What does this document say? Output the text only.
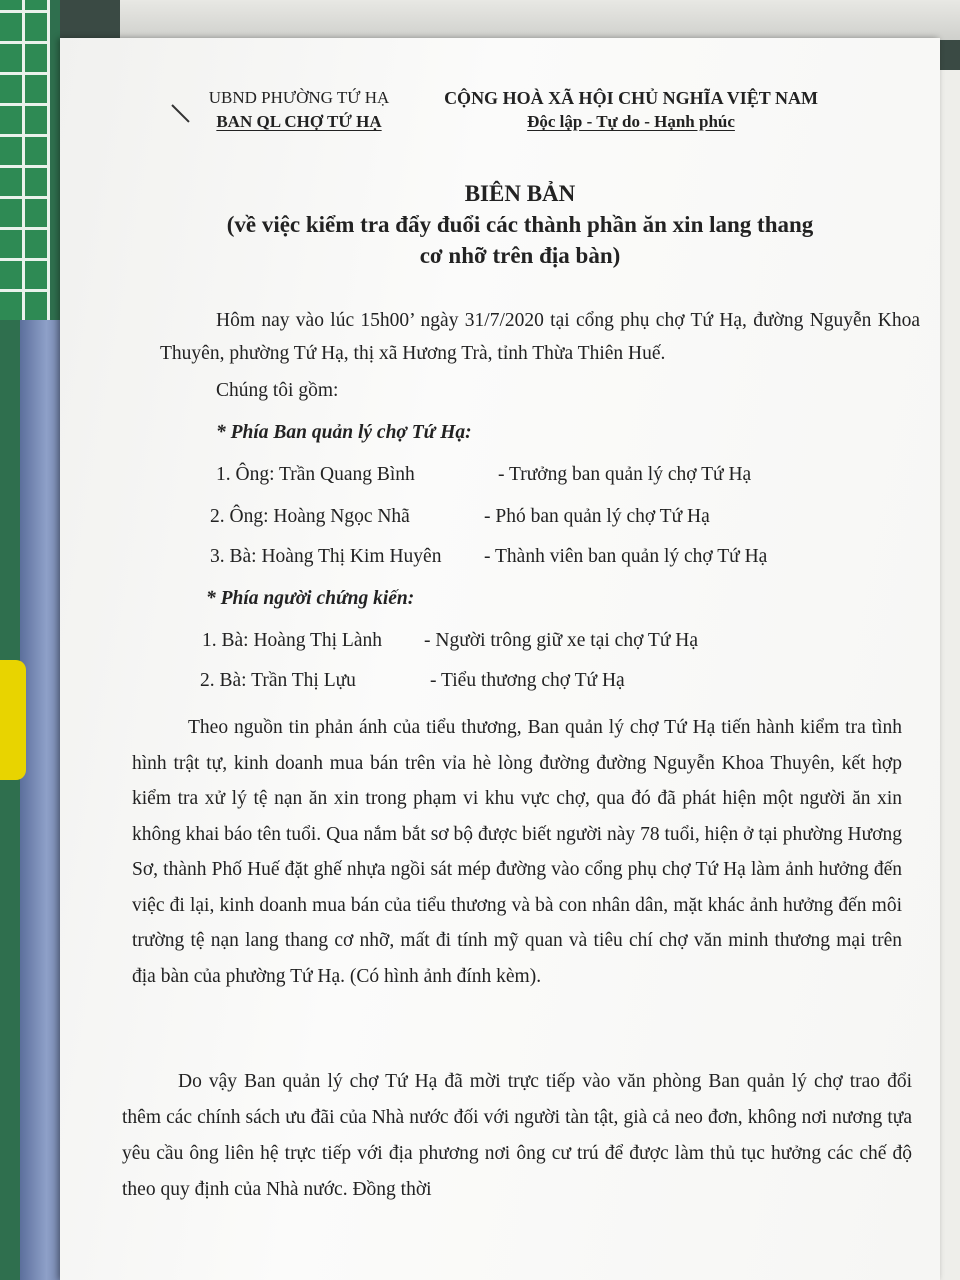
UBND PHƯỜNG TỨ HẠ
BAN QL CHỢ TỨ HẠ
CỘNG HOÀ XÃ HỘI CHỦ NGHĨA VIỆT NAM
Độc lập - Tự do - Hạnh phúc
BIÊN BẢN
(về việc kiểm tra đẩy đuổi các thành phần ăn xin lang thang
cơ nhỡ trên địa bàn)

Hôm nay vào lúc 15h00’ ngày 31/7/2020 tại cổng phụ chợ Tứ Hạ, đường Nguyễn Khoa Thuyên, phường Tứ Hạ, thị xã Hương Trà, tỉnh Thừa Thiên Huế.

Chúng tôi gồm:
* Phía Ban quản lý chợ Tứ Hạ:
1. Ông: Trần Quang Bình	- Trưởng ban quản lý chợ Tứ Hạ
2. Ông: Hoàng Ngọc Nhã	- Phó ban quản lý chợ Tứ Hạ
3. Bà: Hoàng Thị Kim Huyên - Thành viên ban quản lý chợ Tứ Hạ
* Phía người chứng kiến:
1. Bà: Hoàng Thị Lành - Người trông giữ xe tại chợ Tứ Hạ
2. Bà: Trần Thị Lựu	- Tiểu thương chợ Tứ Hạ

Theo nguồn tin phản ánh của tiểu thương, Ban quản lý chợ Tứ Hạ tiến hành kiểm tra tình hình trật tự, kinh doanh mua bán trên vỉa hè lòng đường đường Nguyễn Khoa Thuyên, kết hợp kiểm tra xử lý tệ nạn ăn xin trong phạm vi khu vực chợ, qua đó đã phát hiện một người ăn xin không khai báo tên tuổi. Qua nắm bắt sơ bộ được biết người này 78 tuổi, hiện ở tại phường Hương Sơ, thành Phố Huế đặt ghế nhựa ngồi sát mép đường vào cổng phụ chợ Tứ Hạ làm ảnh hưởng đến việc đi lại, kinh doanh mua bán của tiểu thương và bà con nhân dân, mặt khác ảnh hưởng đến môi trường tệ nạn lang thang cơ nhỡ, mất đi tính mỹ quan và tiêu chí chợ văn minh thương mại trên địa bàn của phường Tứ Hạ. (Có hình ảnh đính kèm).

Do vậy Ban quản lý chợ Tứ Hạ đã mời trực tiếp vào văn phòng Ban quản lý chợ trao đổi thêm các chính sách ưu đãi của Nhà nước đối với người tàn tật, già cả neo đơn, không nơi nương tựa yêu cầu ông liên hệ trực tiếp với địa phương nơi ông cư trú để được làm thủ tục hưởng các chế độ theo quy định của Nhà nước. Đồng thời
